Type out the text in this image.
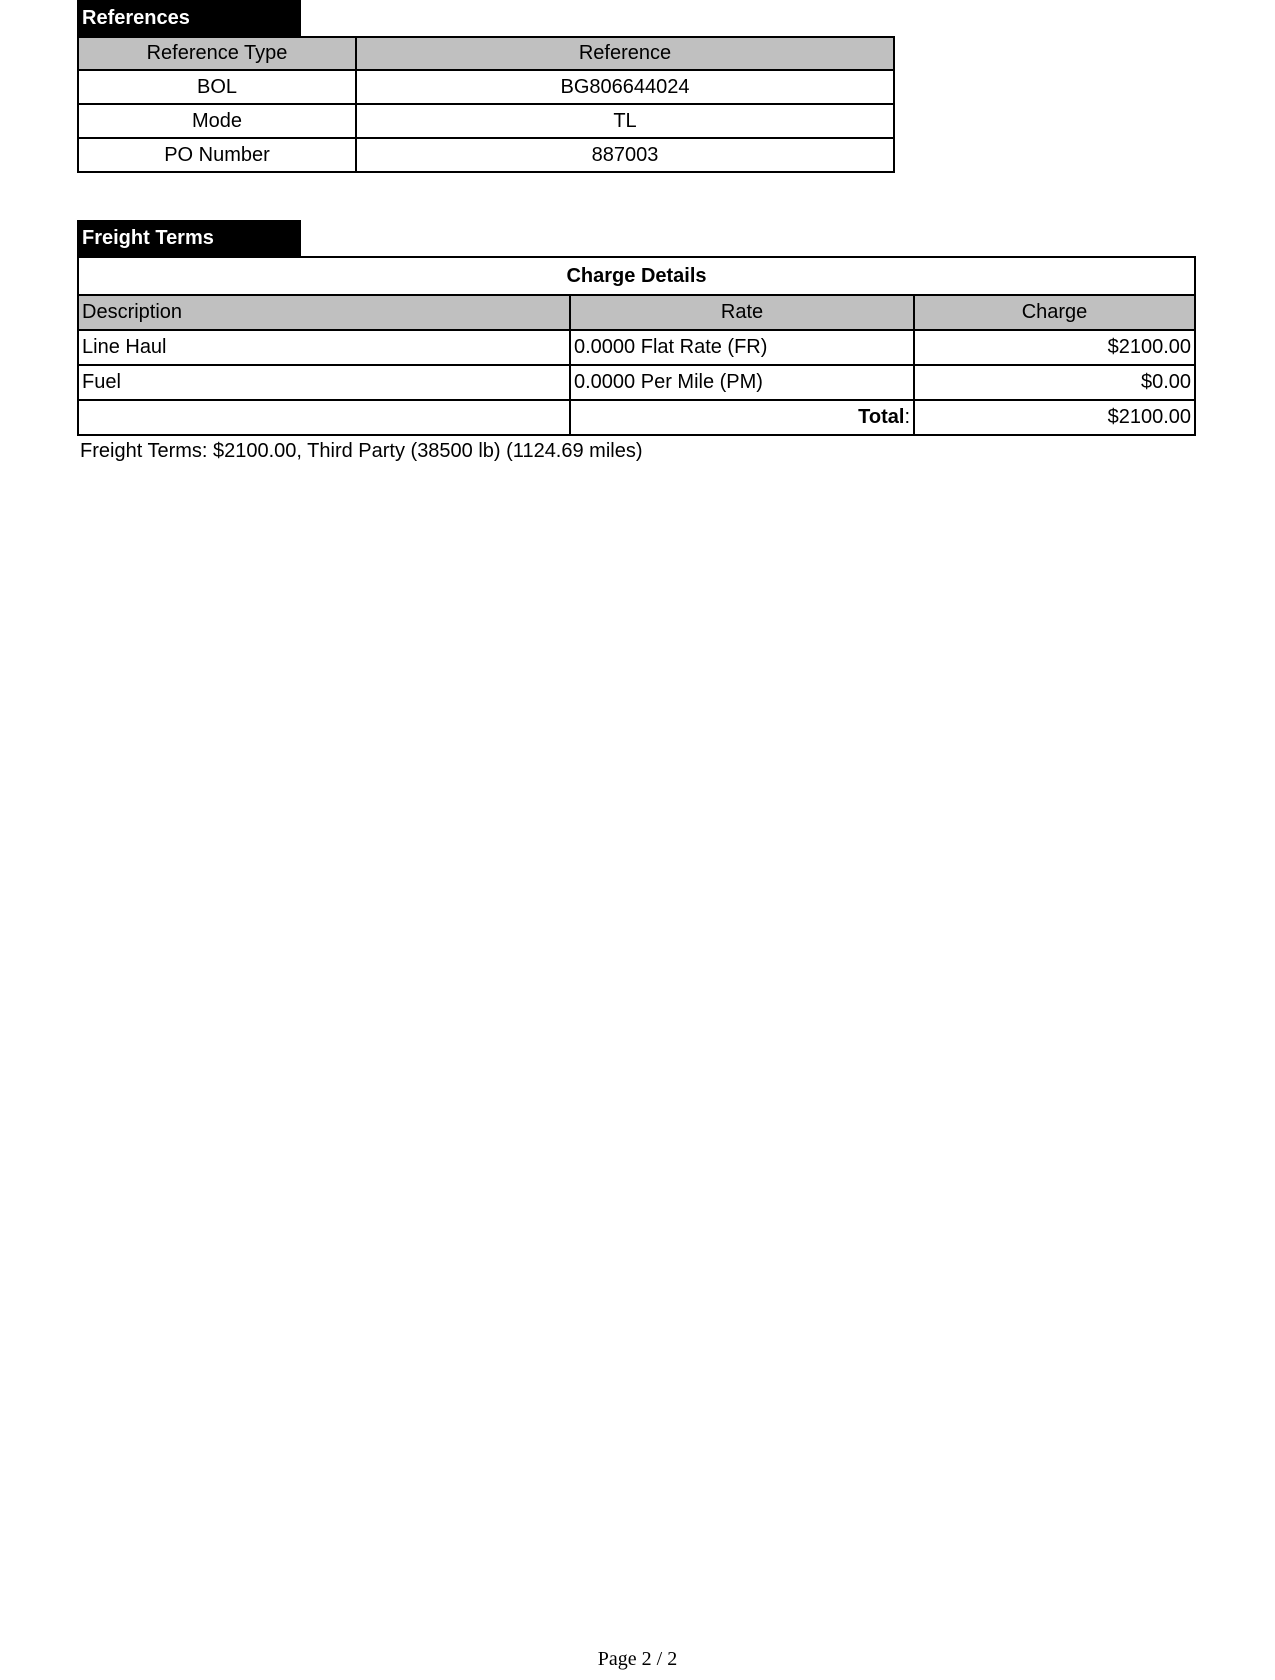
References
Reference Type	Reference
BOL	BG806644024
Mode	TL
PO Number	887003
Freight Terms
Charge Details		
Description	Rate	Charge
Line Haul	0.0000 Flat Rate (FR)	$2100.00
Fuel	0.0000 Per Mile (PM)	$0.00
	Total:	$2100.00
Freight Terms: $2100.00, Third Party (38500 lb) (1124.69 miles)
Page 2 / 2
